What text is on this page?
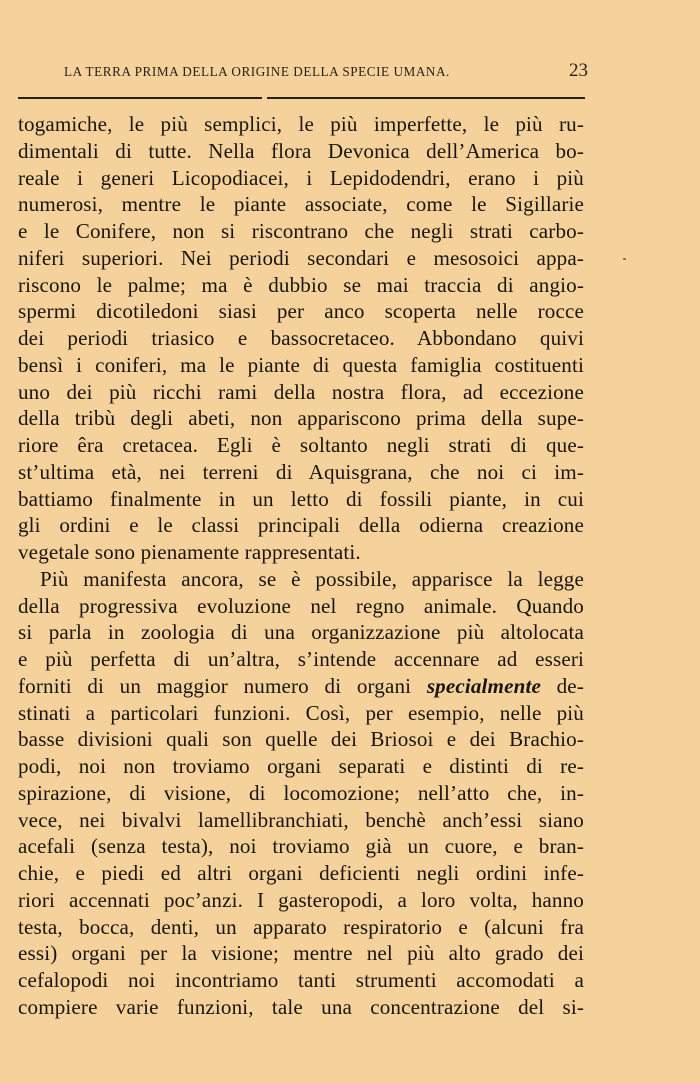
LA TERRA PRIMA DELLA ORIGINE DELLA SPECIE UMANA.	23
togamiche, le più semplici, le più imperfette, le più ru-
dimentali di tutte. Nella flora Devonica dell’America bo-
reale i generi Licopodiacei, i Lepidodendri, erano i più
numerosi, mentre le piante associate, come le Sigillarie
e le Conifere, non si riscontrano che negli strati carbo-
niferi superiori. Nei periodi secondari e mesosoici appa-
riscono le palme; ma è dubbio se mai traccia di angio-
spermi dicotiledoni siasi per anco scoperta nelle rocce
dei periodi triasico e bassocretaceo. Abbondano quivi
bensì i coniferi, ma le piante di questa famiglia costituenti
uno dei più ricchi rami della nostra flora, ad eccezione
della tribù degli abeti, non appariscono prima della supe-
riore êra cretacea. Egli è soltanto negli strati di que-
st’ultima età, nei terreni di Aquisgrana, che noi ci im-
battiamo finalmente in un letto di fossili piante, in cui
gli ordini e le classi principali della odierna creazione
vegetale sono pienamente rappresentati.
Più manifesta ancora, se è possibile, apparisce la legge
della progressiva evoluzione nel regno animale. Quando
si parla in zoologia di una organizzazione più altolocata
e più perfetta di un’altra, s’intende accennare ad esseri
forniti di un maggior numero di organi specialmente de-
stinati a particolari funzioni. Così, per esempio, nelle più
basse divisioni quali son quelle dei Briosoi e dei Brachio-
podi, noi non troviamo organi separati e distinti di re-
spirazione, di visione, di locomozione; nell’atto che, in-
vece, nei bivalvi lamellibranchiati, benchè anch’essi siano
acefali (senza testa), noi troviamo già un cuore, e bran-
chie, e piedi ed altri organi deficienti negli ordini infe-
riori accennati poc’anzi. I gasteropodi, a loro volta, hanno
testa, bocca, denti, un apparato respiratorio e (alcuni fra
essi) organi per la visione; mentre nel più alto grado dei
cefalopodi noi incontriamo tanti strumenti accomodati a
compiere varie funzioni, tale una concentrazione del si-
